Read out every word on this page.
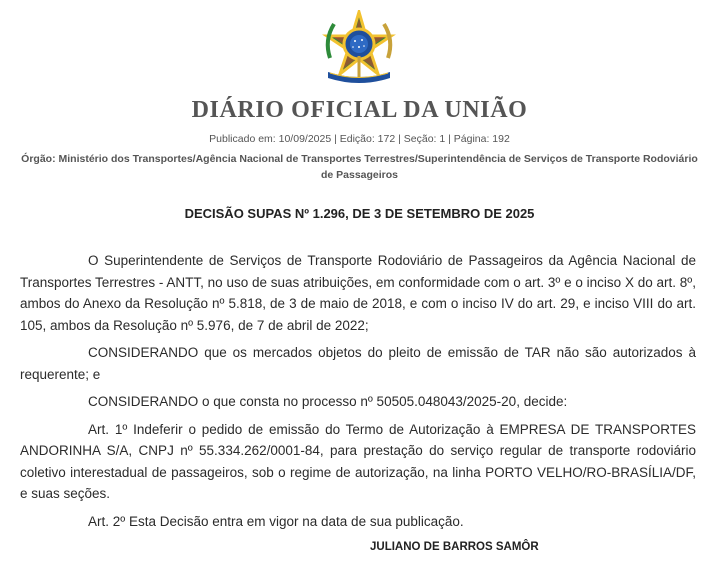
DIÁRIO OFICIAL DA UNIÃO
Publicado em: 10/09/2025 | Edição: 172 | Seção: 1 | Página: 192
Órgão: Ministério dos Transportes/Agência Nacional de Transportes Terrestres/Superintendência de Serviços de Transporte Rodoviário de Passageiros
DECISÃO SUPAS Nº 1.296, DE 3 DE SETEMBRO DE 2025

O Superintendente de Serviços de Transporte Rodoviário de Passageiros da Agência Nacional de Transportes Terrestres - ANTT, no uso de suas atribuições, em conformidade com o art. 3º e o inciso X do art. 8º, ambos do Anexo da Resolução nº 5.818, de 3 de maio de 2018, e com o inciso IV do art. 29, e inciso VIII do art. 105, ambos da Resolução nº 5.976, de 7 de abril de 2022;

CONSIDERANDO que os mercados objetos do pleito de emissão de TAR não são autorizados à requerente; e

CONSIDERANDO o que consta no processo nº 50505.048043/2025-20, decide:

Art. 1º Indeferir o pedido de emissão do Termo de Autorização à EMPRESA DE TRANSPORTES ANDORINHA S/A, CNPJ nº 55.334.262/0001-84, para prestação do serviço regular de transporte rodoviário coletivo interestadual de passageiros, sob o regime de autorização, na linha PORTO VELHO/RO-BRASÍLIA/DF, e suas seções.

Art. 2º Esta Decisão entra em vigor na data de sua publicação.

JULIANO DE BARROS SAMÔR
